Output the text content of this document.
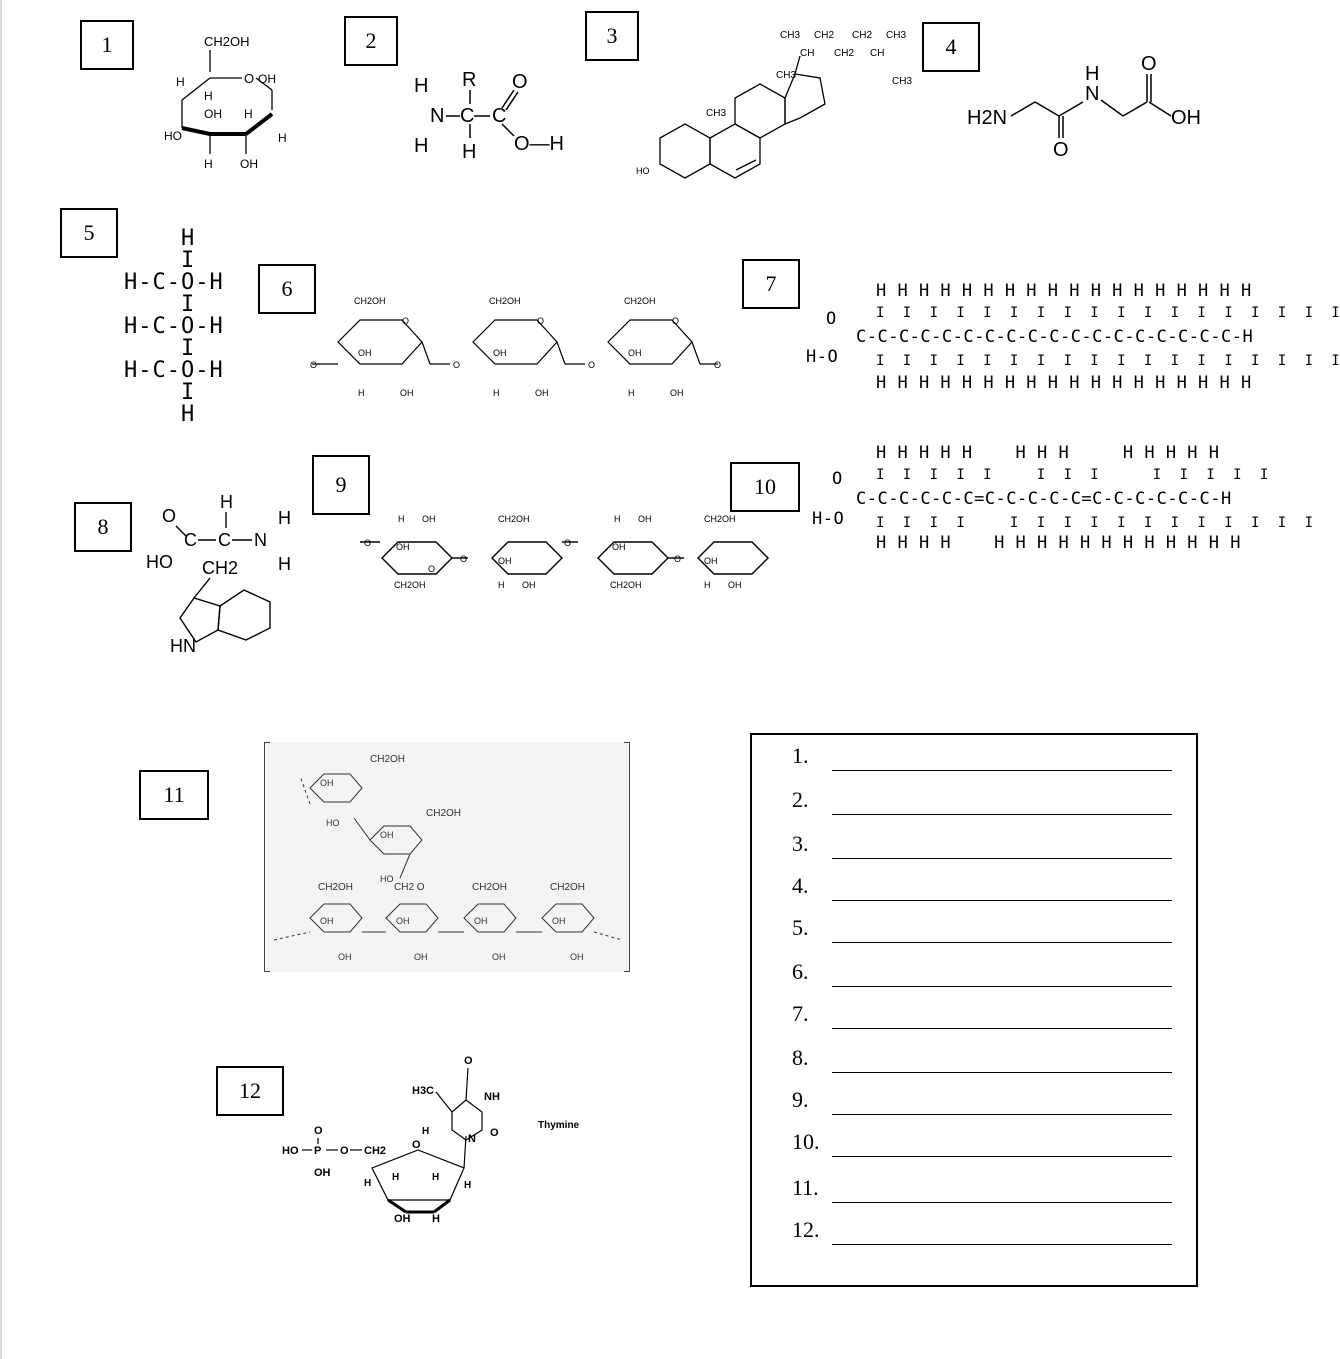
1	2	3	4
5
6	7
8
9	10
11
12
CH2OH
O OH
H
H
OH H
HO	H
H OH
H R
N C C
O
O—H
H H
HO
CH3
CH3
CH3 CH2 CH2 CH3
CH CH2 CH
CH3
H2N
O
N
H O
OH
H
I
H-C-O-H
I
H-C-O-H
I
H-C-O-H
I
H
CH2OH
O
OH
H	OH
O
CH2OH
O
OH
H	OH
O
CH2OH
O
OH
H	OH
O	O
H H H H H H H H H H H H H H H H H H
I  I  I  I  I  I  I  I  I  I  I  I  I  I  I  I  I  I
C-C-C-C-C-C-C-C-C-C-C-C-C-C-C-C-C-C-H
I  I  I  I  I  I  I  I  I  I  I  I  I  I  I  I  I  I
H H H H H H H H H H H H H H H H H H
O
H-O
O
C
H
C N
H
H
HO CH2
HN
O
H OH
OH
CH2OH
O
O
CH2OH
OH
H OH
O
H OH
OH
CH2OH
O
CH2OH
OH
H OH
H H H H H    H H H     H H H H H
I  I  I  I  I     I  I  I      I  I  I  I  I
C-C-C-C-C-C=C-C-C-C-C=C-C-C-C-C-C-H
I  I  I  I     I  I  I  I  I  I  I  I  I  I  I  I
H H H H    H H H H H H H H H H H H
O
H-O
CH2OH
OH
HO
CH2OH
OH
HO
CH2OH
OH
OH
CH2 O
OH
OH
CH2OH
OH
OH
CH2OH
OH
OH
HO P
O
OH
O CH2 O
H
H	H
H
OH H
O
H3C	NH
O
H
N
Thymine
1.
2.
3.
4.
5.
6.
7.
8.
9.
10.
11.
12.
